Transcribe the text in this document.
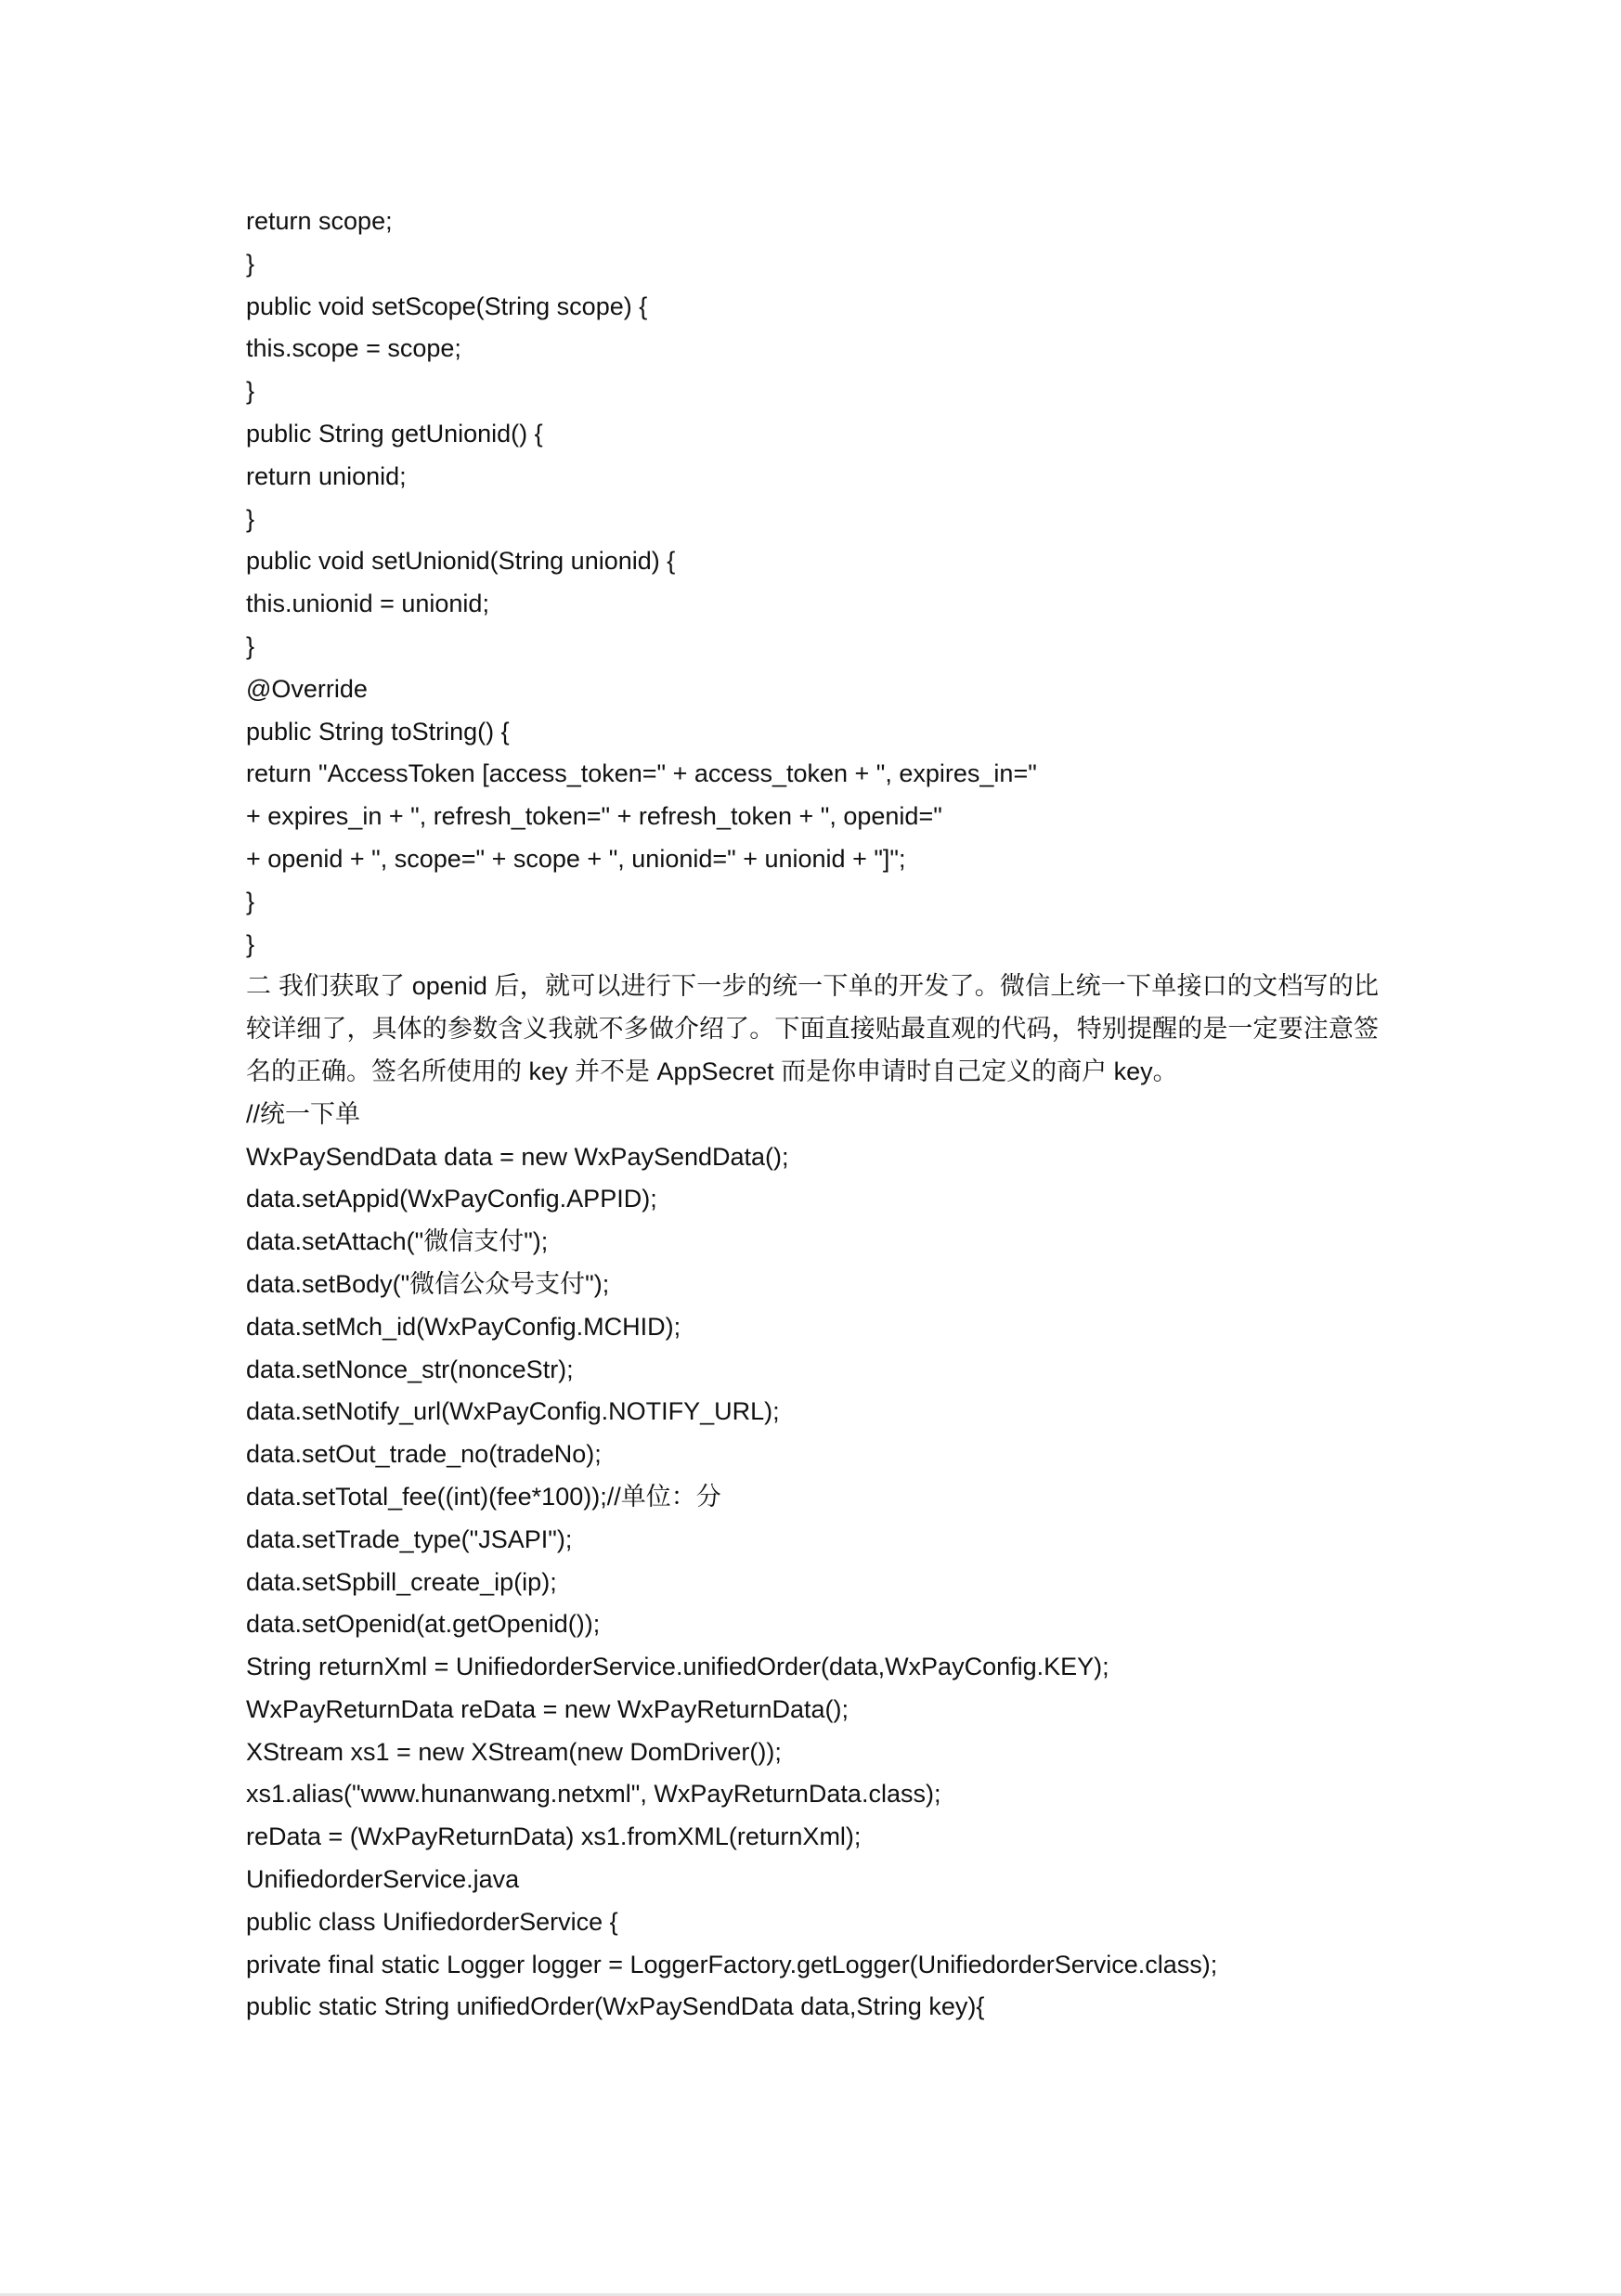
return scope;
}
public void setScope(String scope) {
this.scope = scope;
}
public String getUnionid() {
return unionid;
}
public void setUnionid(String unionid) {
this.unionid = unionid;
}
@Override
public String toString() {
return "AccessToken [access_token=" + access_token + ", expires_in="
+ expires_in + ", refresh_token=" + refresh_token + ", openid="
+ openid + ", scope=" + scope + ", unionid=" + unionid + "]";
}
}
二 我们获取了 openid 后，就可以进行下一步的统一下单的开发了。微信上统一下单接口的文档写的比较详细了，具体的参数含义我就不多做介绍了。下面直接贴最直观的代码，特别提醒的是一定要注意签名的正确。签名所使用的 key 并不是 AppSecret 而是你申请时自己定义的商户 key。
//统一下单
WxPaySendData data = new WxPaySendData();
data.setAppid(WxPayConfig.APPID);
data.setAttach("微信支付");
data.setBody("微信公众号支付");
data.setMch_id(WxPayConfig.MCHID);
data.setNonce_str(nonceStr);
data.setNotify_url(WxPayConfig.NOTIFY_URL);
data.setOut_trade_no(tradeNo);
data.setTotal_fee((int)(fee*100));//单位：分
data.setTrade_type("JSAPI");
data.setSpbill_create_ip(ip);
data.setOpenid(at.getOpenid());
String returnXml = UnifiedorderService.unifiedOrder(data,WxPayConfig.KEY);
WxPayReturnData reData = new WxPayReturnData();
XStream xs1 = new XStream(new DomDriver());
xs1.alias("www.hunanwang.netxml", WxPayReturnData.class);
reData = (WxPayReturnData) xs1.fromXML(returnXml);
UnifiedorderService.java
public class UnifiedorderService {
private final static Logger logger = LoggerFactory.getLogger(UnifiedorderService.class);
public static String unifiedOrder(WxPaySendData data,String key){
